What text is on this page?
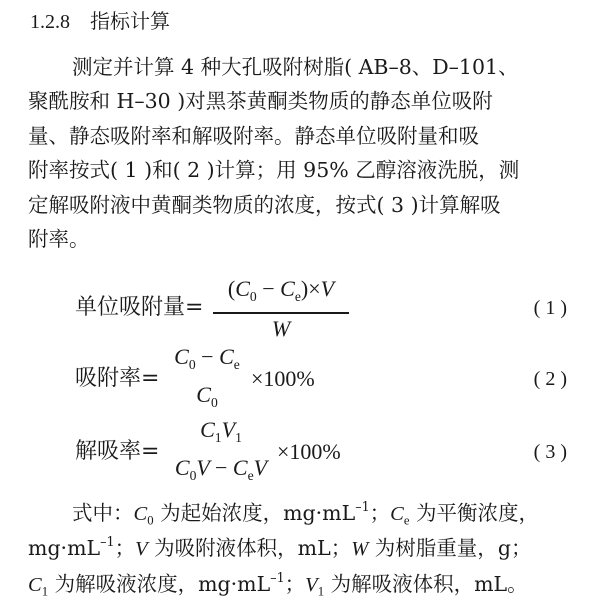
1.2.8 指标计算
测定并计算 4 种大孔吸附树脂( AB–8、D–101、
聚酰胺和 H–30 )对黑茶黄酮类物质的静态单位吸附
量、静态吸附率和解吸附率。静态单位吸附量和吸
附率按式( 1 )和( 2 )计算；用 95% 乙醇溶液洗脱，测
定解吸附液中黄酮类物质的浓度，按式( 3 )计算解吸
附率。
单位吸附量=
$(C_0 - C_e)\times V$
W
( 1 )
吸附率=
$C_0 - C_e$
$C_0$
×100%	( 2 )
解吸率=
$C_1V_1$
$C_0V - C_eV$
×100%	( 3 )
式中：$C_0$ 为起始浓度，$mg\cdot mL^{-1}$；$C_e$ 为平衡浓度，
$mg\cdot mL^{-1}$；V 为吸附液体积，mL；W 为树脂重量，g；
$C_1$ 为解吸液浓度，$mg\cdot mL^{-1}$；$V_1$ 为解吸液体积，mL。
